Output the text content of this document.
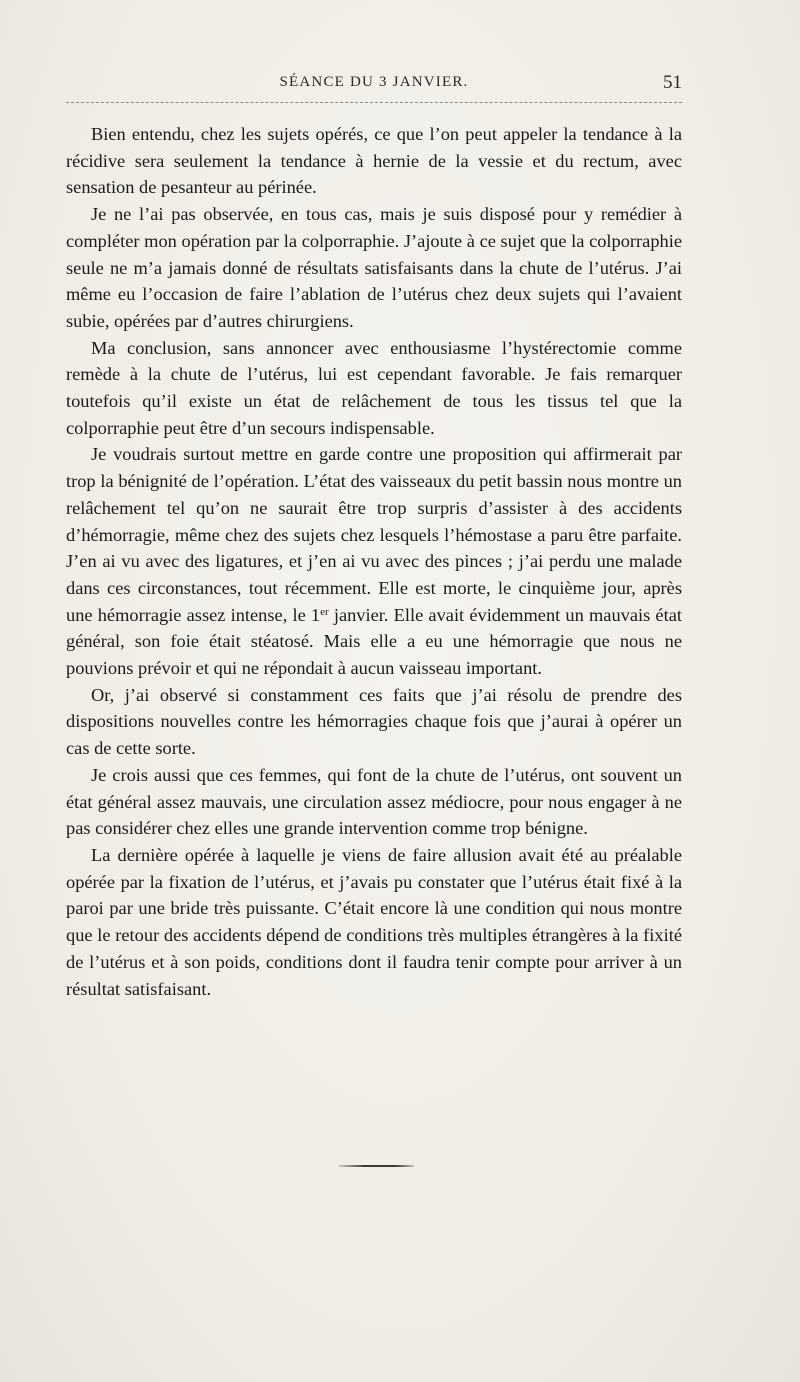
SÉANCE DU 3 JANVIER.	51

Bien entendu, chez les sujets opérés, ce que l’on peut appeler la tendance à la récidive sera seulement la tendance à hernie de la vessie et du rectum, avec sensation de pesanteur au périnée.

Je ne l’ai pas observée, en tous cas, mais je suis disposé pour y remédier à compléter mon opération par la colporraphie. J’ajoute à ce sujet que la colporraphie seule ne m’a jamais donné de résultats satisfaisants dans la chute de l’utérus. J’ai même eu l’occasion de faire l’ablation de l’utérus chez deux sujets qui l’avaient subie, opérées par d’autres chirurgiens.

Ma conclusion, sans annoncer avec enthousiasme l’hystérectomie comme remède à la chute de l’utérus, lui est cependant favorable. Je fais remarquer toutefois qu’il existe un état de relâchement de tous les tissus tel que la colporraphie peut être d’un secours indispensable.

Je voudrais surtout mettre en garde contre une proposition qui affirmerait par trop la bénignité de l’opération. L’état des vaisseaux du petit bassin nous montre un relâchement tel qu’on ne saurait être trop surpris d’assister à des accidents d’hémorragie, même chez des sujets chez lesquels l’hémostase a paru être parfaite. J’en ai vu avec des ligatures, et j’en ai vu avec des pinces ; j’ai perdu une malade dans ces circonstances, tout récemment. Elle est morte, le cinquième jour, après une hémorragie assez intense, le 1er janvier. Elle avait évidemment un mauvais état général, son foie était stéatosé. Mais elle a eu une hémorragie que nous ne pouvions prévoir et qui ne répondait à aucun vaisseau important.

Or, j’ai observé si constamment ces faits que j’ai résolu de prendre des dispositions nouvelles contre les hémorragies chaque fois que j’aurai à opérer un cas de cette sorte.

Je crois aussi que ces femmes, qui font de la chute de l’utérus, ont souvent un état général assez mauvais, une circulation assez médiocre, pour nous engager à ne pas considérer chez elles une grande intervention comme trop bénigne.

La dernière opérée à laquelle je viens de faire allusion avait été au préalable opérée par la fixation de l’utérus, et j’avais pu constater que l’utérus était fixé à la paroi par une bride très puissante. C’était encore là une condition qui nous montre que le retour des accidents dépend de conditions très multiples étrangères à la fixité de l’utérus et à son poids, conditions dont il faudra tenir compte pour arriver à un résultat satisfaisant.
